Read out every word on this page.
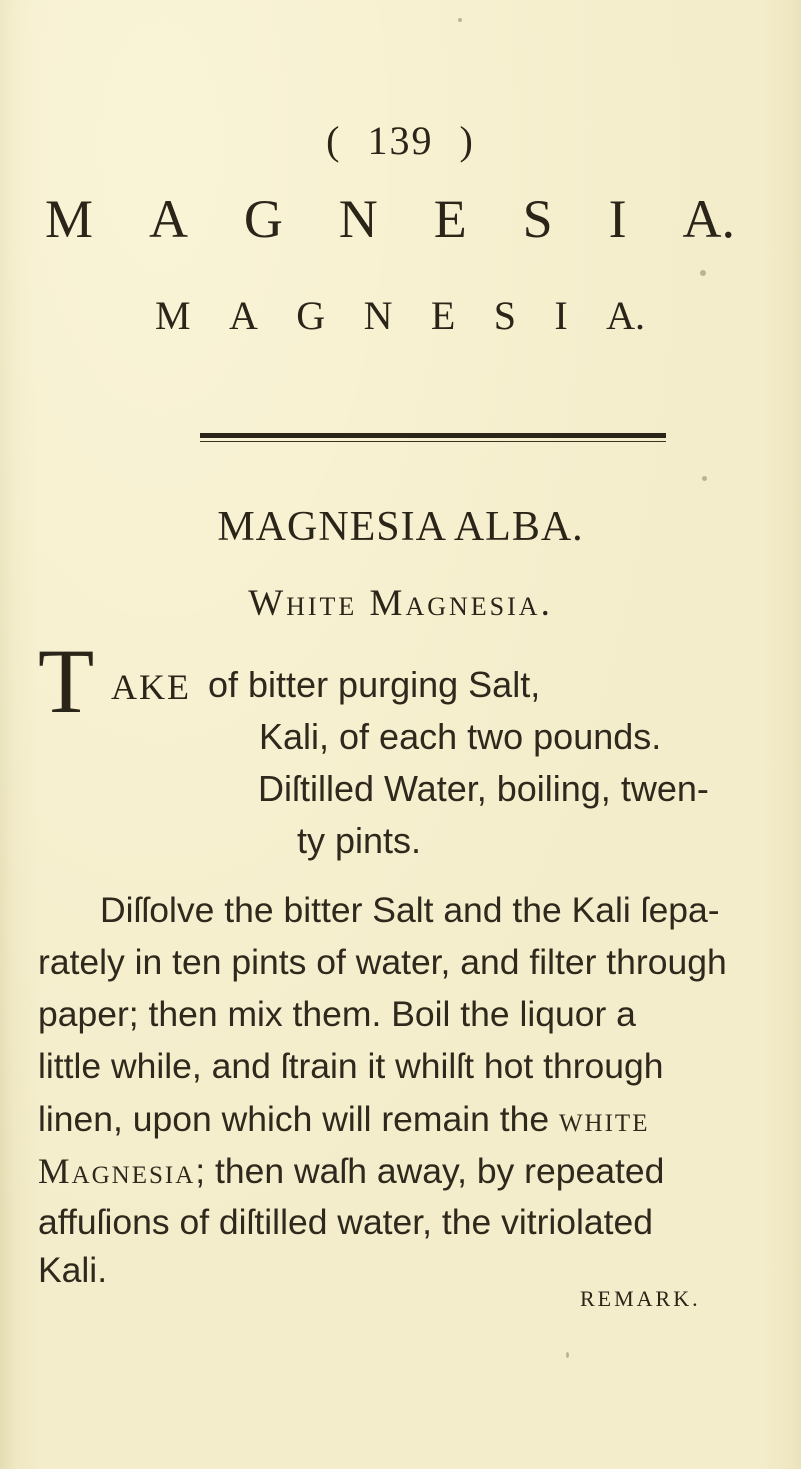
( 139 )
M A G N E S I A.
M A G N E S I A.
MAGNESIA ALBA.
White Magnesia.
T AKE of bitter purging Salt,
Kali, of each two pounds.
Diſtilled Water, boiling, twen-
ty pints.
Diſſolve the bitter Salt and the Kali ſepa-
rately in ten pints of water, and filter through
paper; then mix them. Boil the liquor a
little while, and ſtrain it whilſt hot through
linen, upon which will remain the white
Magnesia; then waſh away, by repeated
affuſions of diſtilled water, the vitriolated
Kali.
REMARK.
